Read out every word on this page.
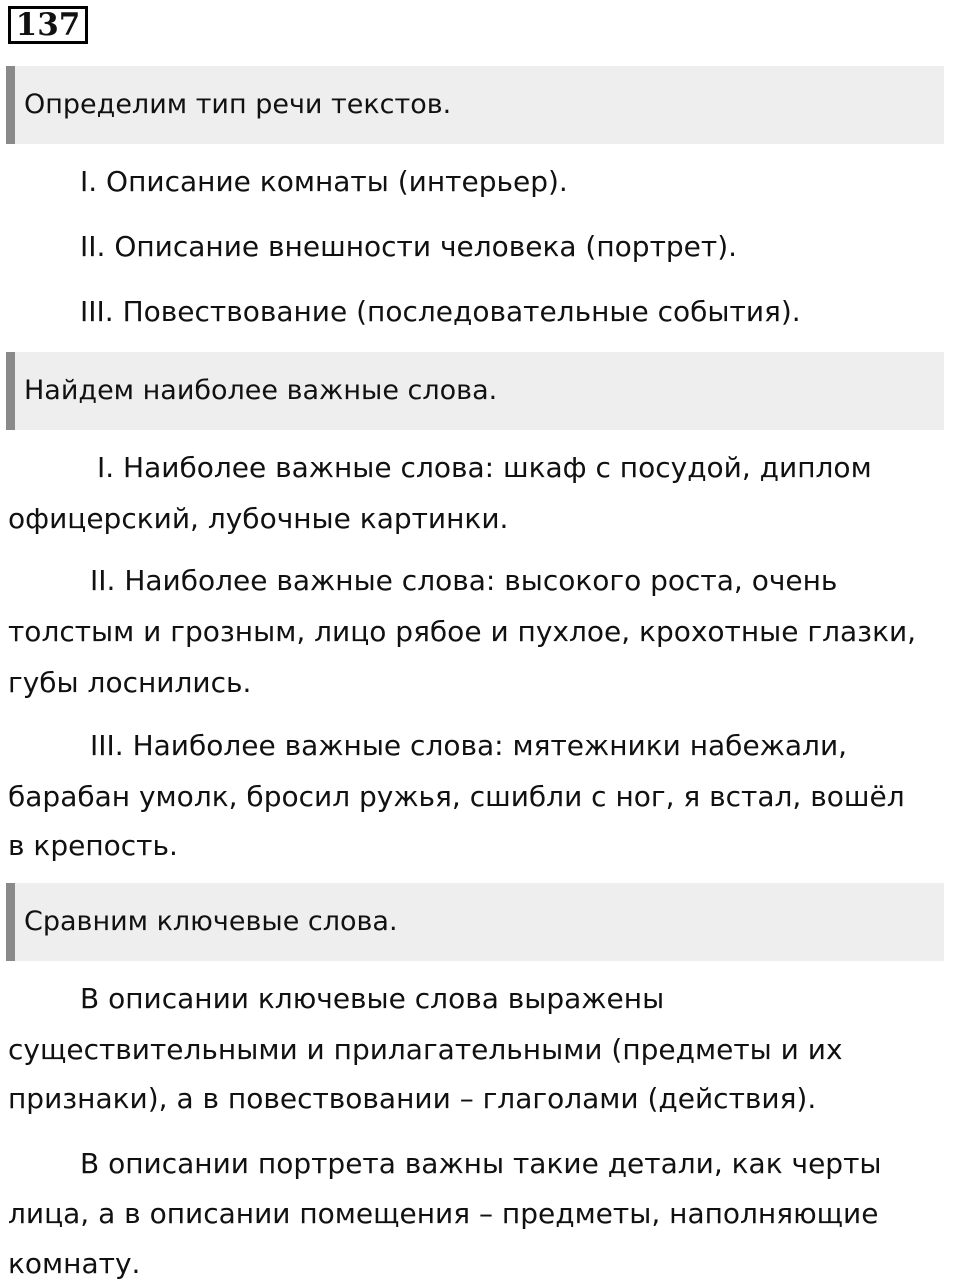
137
Определим тип речи текстов.
I. Описание комнаты (интерьер).
II. Описание внешности человека (портрет).
III. Повествование (последовательные события).
Найдем наиболее важные слова.
I. Наиболее важные слова: шкаф с посудой, диплом
офицерский, лубочные картинки.
II. Наиболее важные слова: высокого роста, очень
толстым и грозным, лицо рябое и пухлое, крохотные глазки,
губы лоснились.
III. Наиболее важные слова: мятежники набежали,
барабан умолк, бросил ружья, сшибли с ног, я встал, вошёл
в крепость.
Сравним ключевые слова.
В описании ключевые слова выражены
существительными и прилагательными (предметы и их
признаки), а в повествовании – глаголами (действия).
В описании портрета важны такие детали, как черты
лица, а в описании помещения – предметы, наполняющие
комнату.
